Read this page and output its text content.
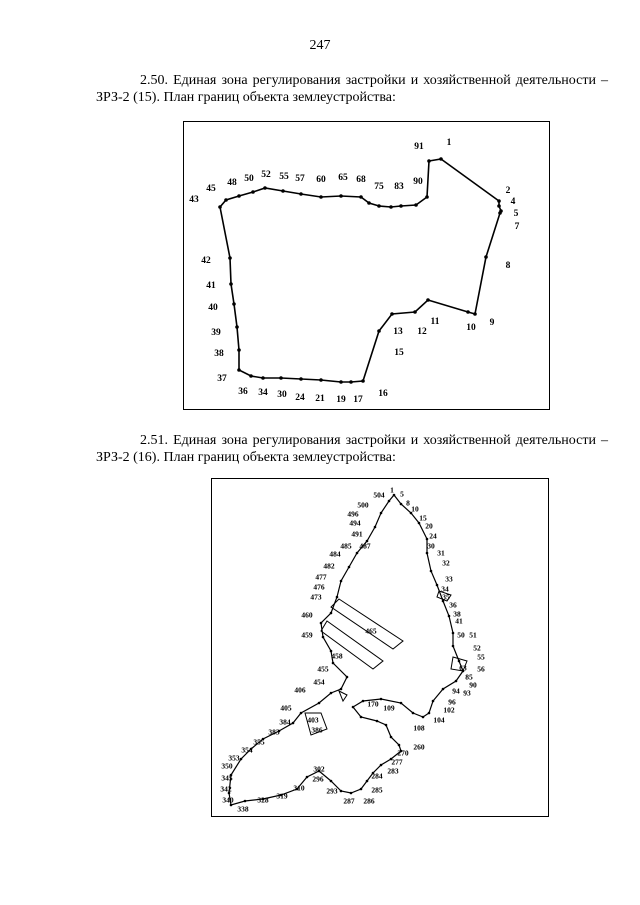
247
2.50. Единая зона регулирования застройки и хозяйственной деятельности – ЗРЗ-2 (15). План границ объекта землеустройства:
1
2
4
5
7
8
9
10
11
12
13
15
16
17
19
21
24
30
34
36
37
38
39
40
41
42
43
45
48 50 52 55 57 60 65 68
75 83 90
91
2.51. Единая зона регулирования застройки и хозяйственной деятельности – ЗРЗ-2 (16). План границ объекта землеустройства:
504
1 5
8
10
15
20
24
30
31
32
33
34
35
36
38
41
50 51
52
55
56
63
85
90
93
94
96
102
104
108
109
170
260
270
277
283
284
285
286
287
293
296
302
310
319
328
338
340
342
345
350
353
354
355
383
384
386
403
405
406
454
455
458
459
460
465
473
476
477
482
484
485 487
491
494
496
500
